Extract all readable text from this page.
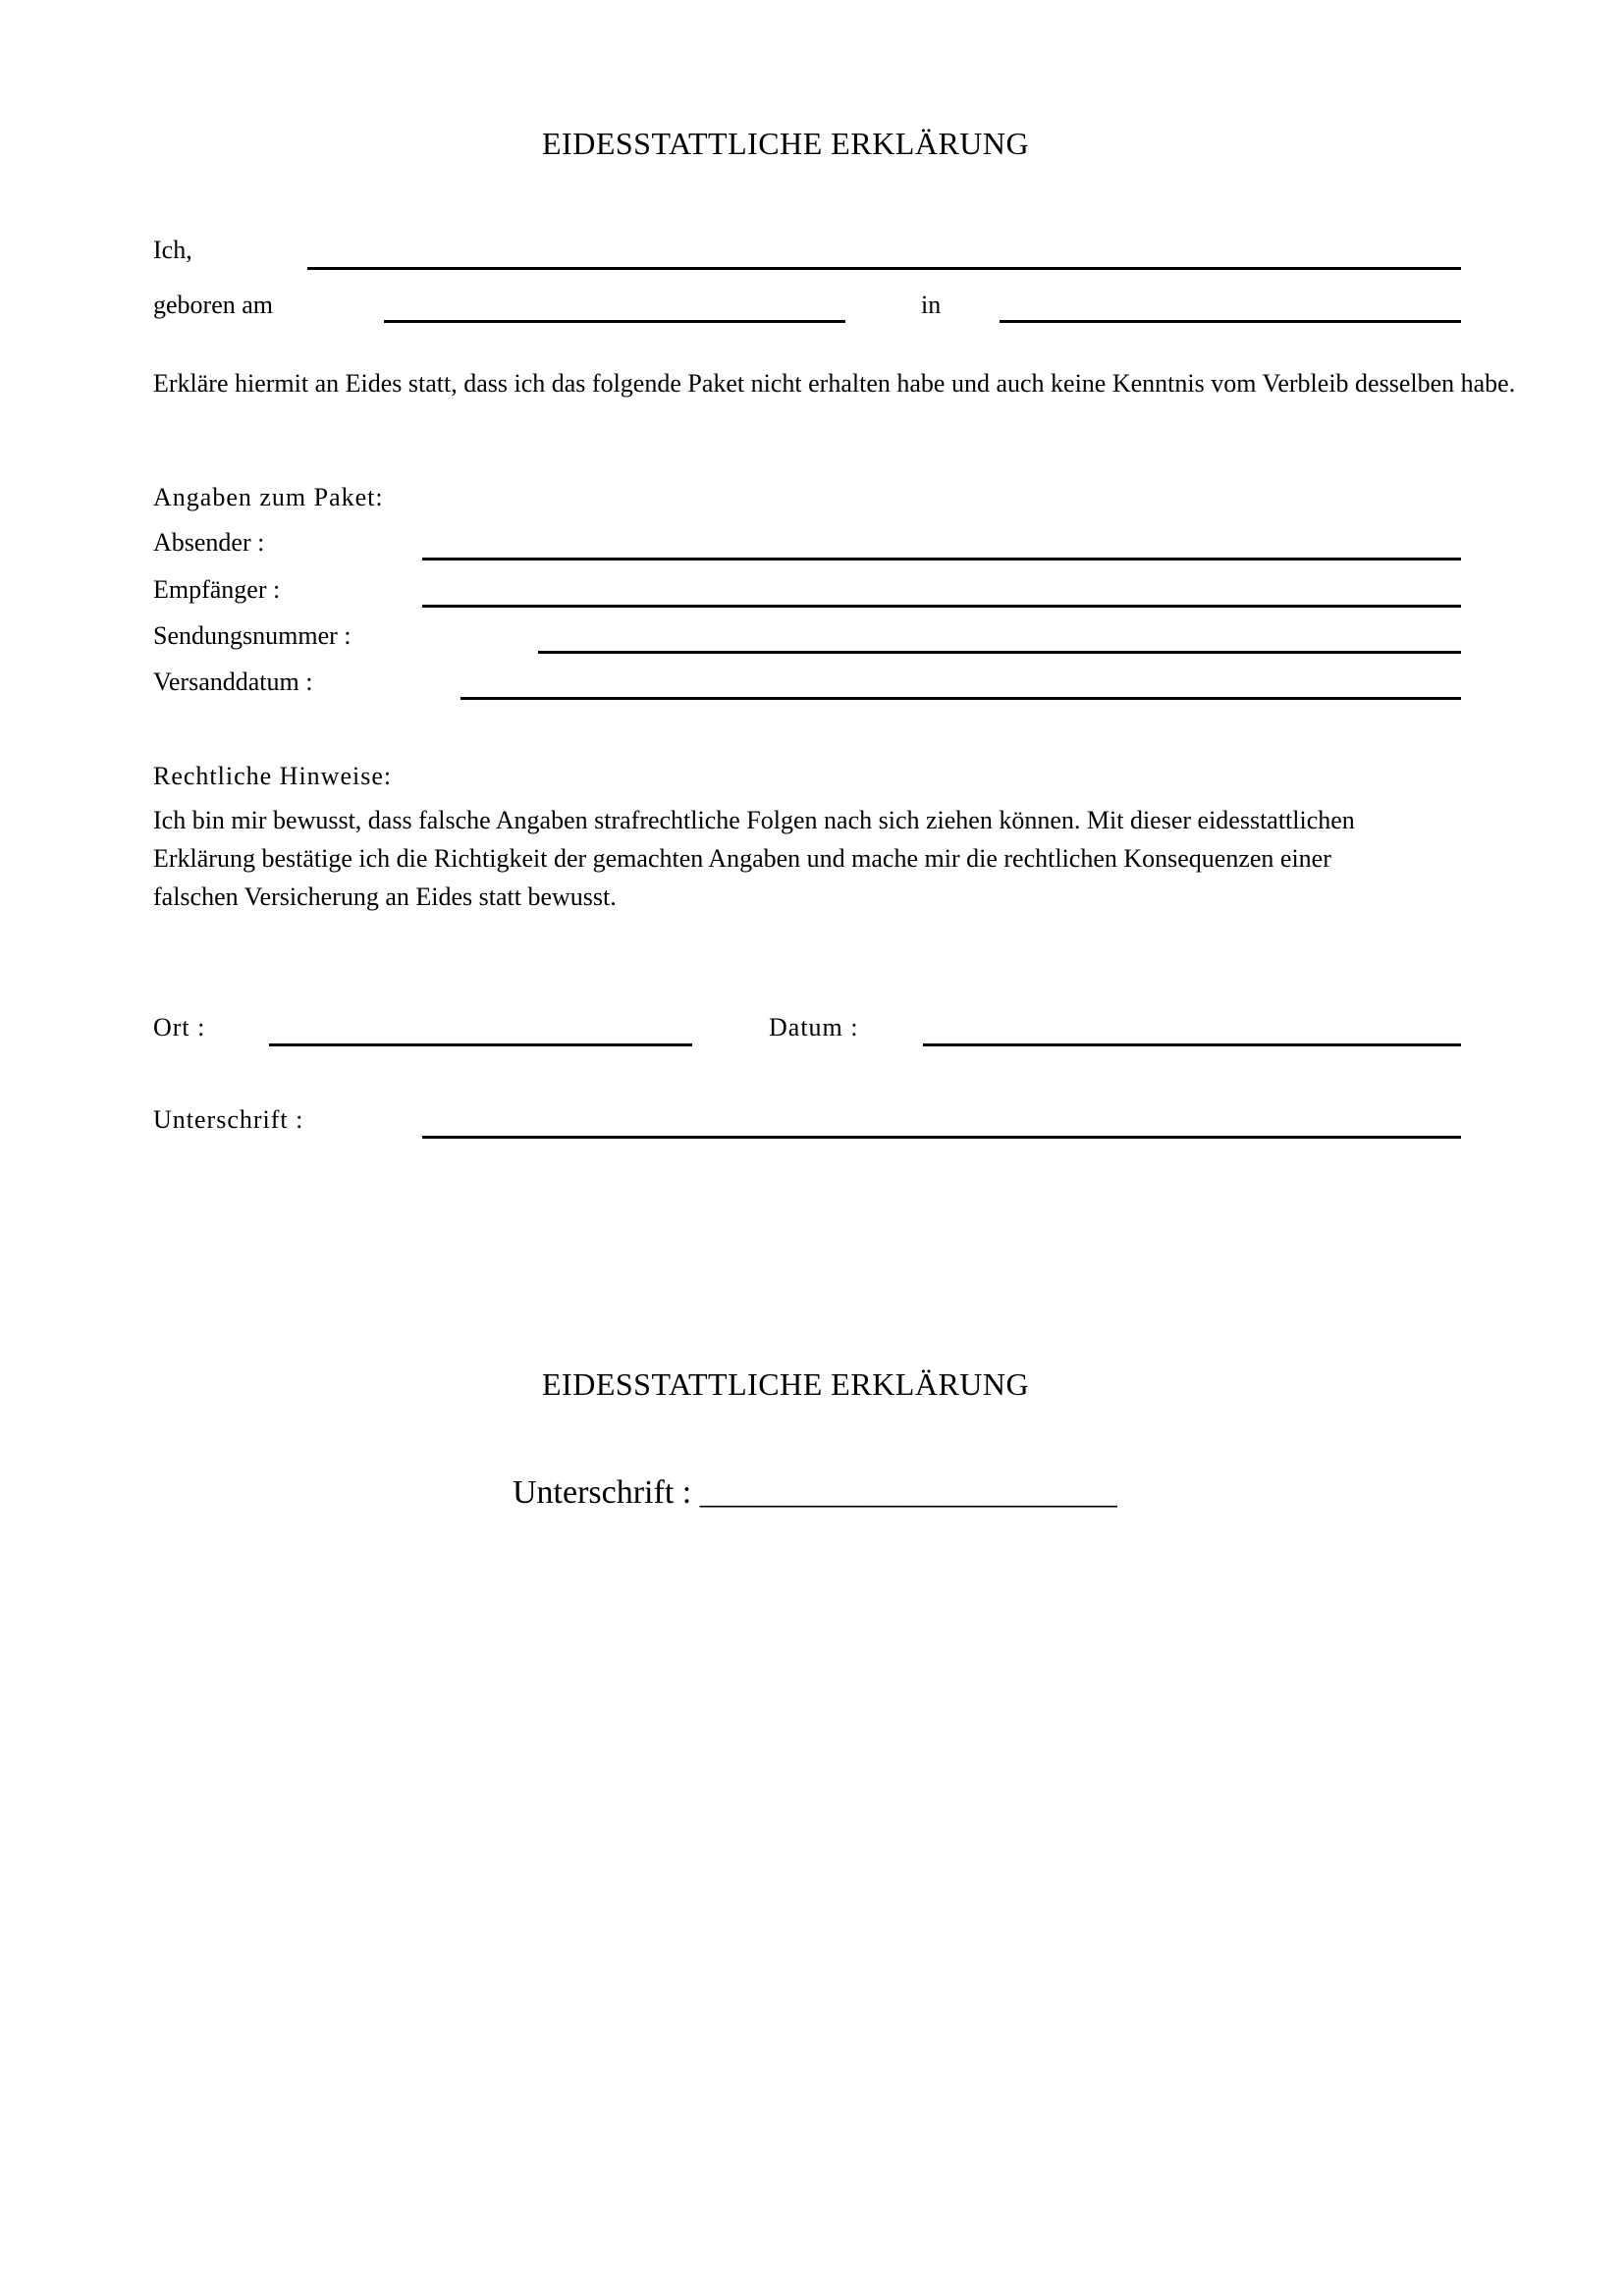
EIDESSTATTLICHE ERKLÄRUNG
Ich,
geboren am	in
Erkläre hiermit an Eides statt, dass ich das folgende Paket nicht erhalten habe und auch keine Kenntnis vom Verbleib desselben habe.
Angaben zum Paket:
Absender :
Empfänger :
Sendungsnummer :
Versanddatum :
Rechtliche Hinweise:
Ich bin mir bewusst, dass falsche Angaben strafrechtliche Folgen nach sich ziehen können. Mit dieser eidesstattlichen
Erklärung bestätige ich die Richtigkeit der gemachten Angaben und mache mir die rechtlichen Konsequenzen einer
falschen Versicherung an Eides statt bewusst.
Ort :	Datum :
Unterschrift :
EIDESSTATTLICHE ERKLÄRUNG
Unterschrift : _________________________
